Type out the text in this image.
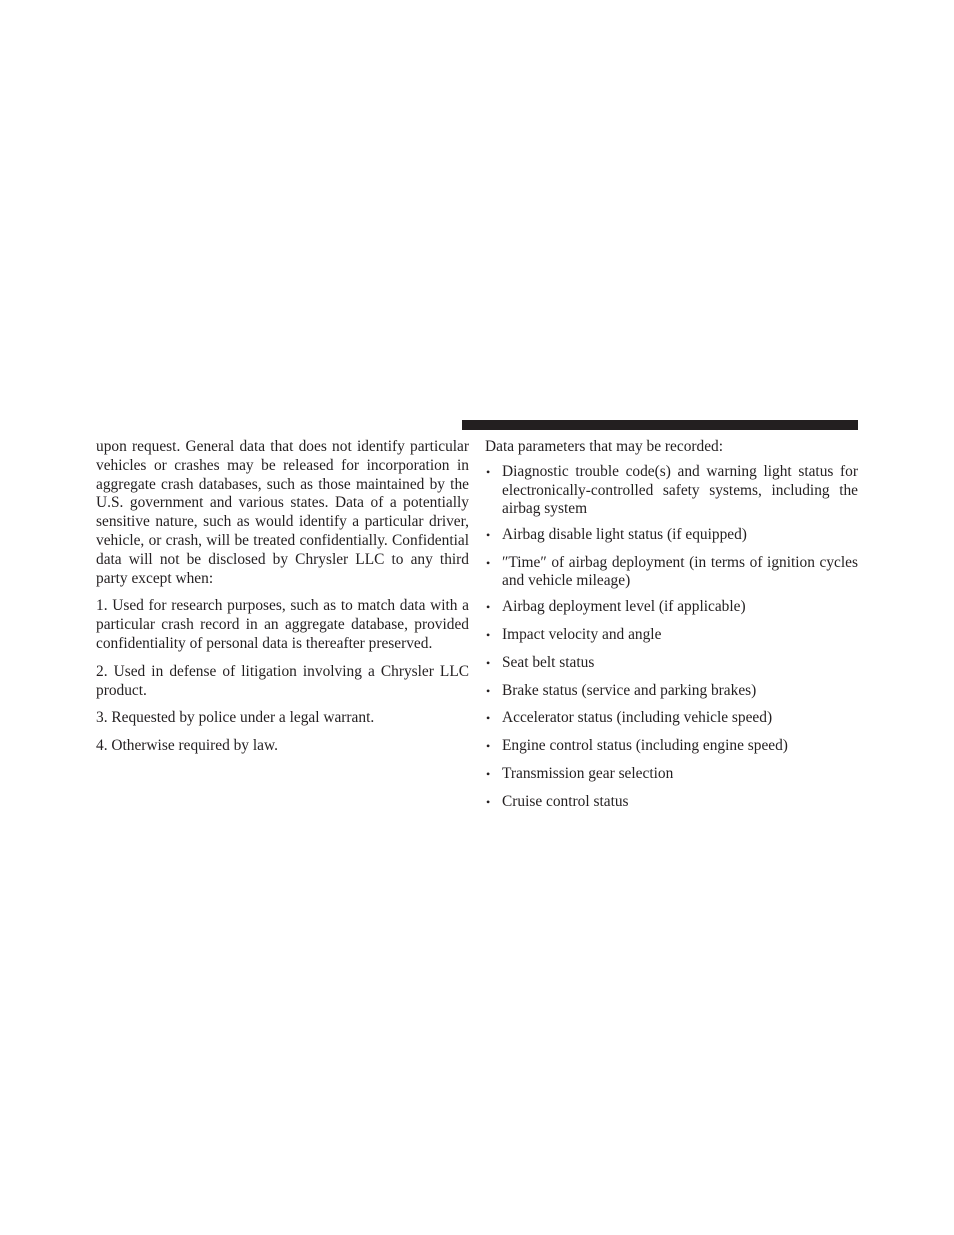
upon request. General data that does not identify particular vehicles or crashes may be released for incorporation in aggregate crash databases, such as those maintained by the U.S. government and various states. Data of a potentially sensitive nature, such as would identify a particular driver, vehicle, or crash, will be treated confidentially. Confidential data will not be disclosed by Chrysler LLC to any third party except when:

1. Used for research purposes, such as to match data with a particular crash record in an aggregate database, provided confidentiality of personal data is thereafter preserved.

2. Used in defense of litigation involving a Chrysler LLC product.

3. Requested by police under a legal warrant.

4. Otherwise required by law.

Data parameters that may be recorded:

• Diagnostic trouble code(s) and warning light status for electronically-controlled safety systems, including the airbag system
• Airbag disable light status (if equipped)
• ″Time″ of airbag deployment (in terms of ignition cycles and vehicle mileage)
• Airbag deployment level (if applicable)
• Impact velocity and angle
• Seat belt status
• Brake status (service and parking brakes)
• Accelerator status (including vehicle speed)
• Engine control status (including engine speed)
• Transmission gear selection
• Cruise control status
